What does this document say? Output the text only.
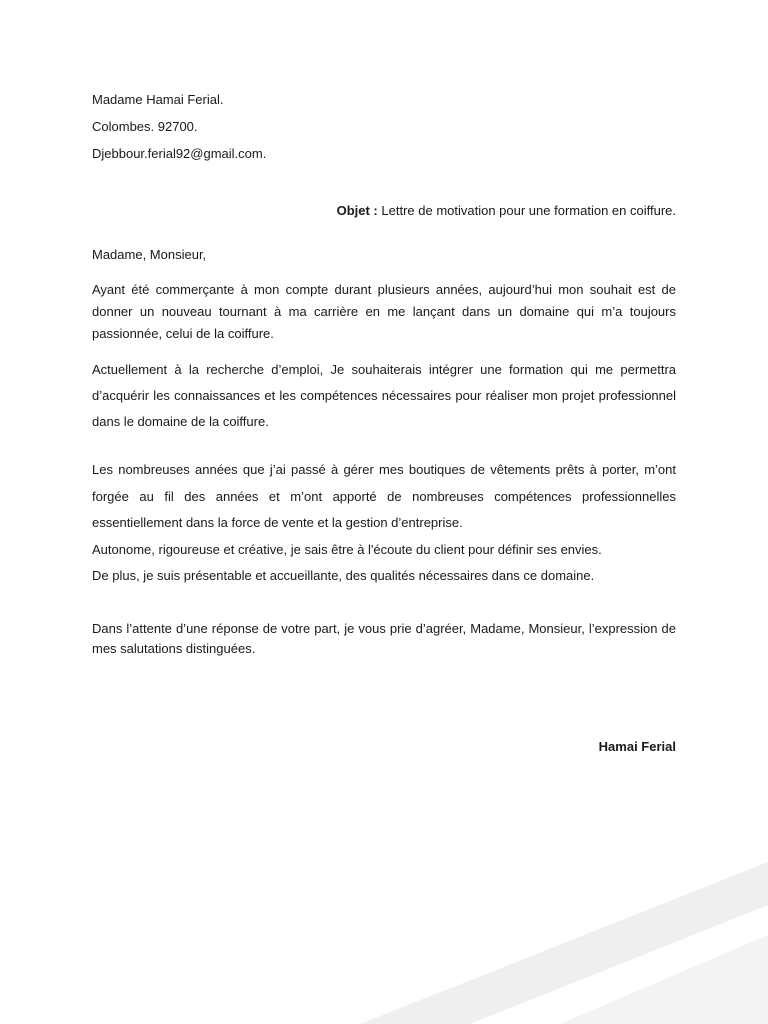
Madame Hamai Ferial.

Colombes. 92700.

Djebbour.ferial92@gmail.com.

Objet : Lettre de motivation pour une formation en coiffure.
Madame, Monsieur,
Ayant été commerçante à mon compte durant plusieurs années, aujourd’hui mon souhait est de donner un nouveau tournant à ma carrière en me lançant dans un domaine qui m’a toujours passionnée, celui de la coiffure.
Actuellement à la recherche d’emploi, Je souhaiterais intégrer une formation qui me permettra d’acquérir les connaissances et les compétences nécessaires pour réaliser mon projet professionnel dans le domaine de la coiffure.
Les nombreuses années que j’ai passé à gérer mes boutiques de vêtements prêts à porter, m’ont forgée au fil des années et m’ont apporté de nombreuses compétences professionnelles essentiellement dans la force de vente et la gestion d’entreprise.

Autonome, rigoureuse et créative, je sais être à l'écoute du client pour définir ses envies.

De plus, je suis présentable et accueillante, des qualités nécessaires dans ce domaine.

Dans l’attente d’une réponse de votre part, je vous prie d’agréer, Madame, Monsieur, l’expression de mes salutations distinguées.
Hamai Ferial
